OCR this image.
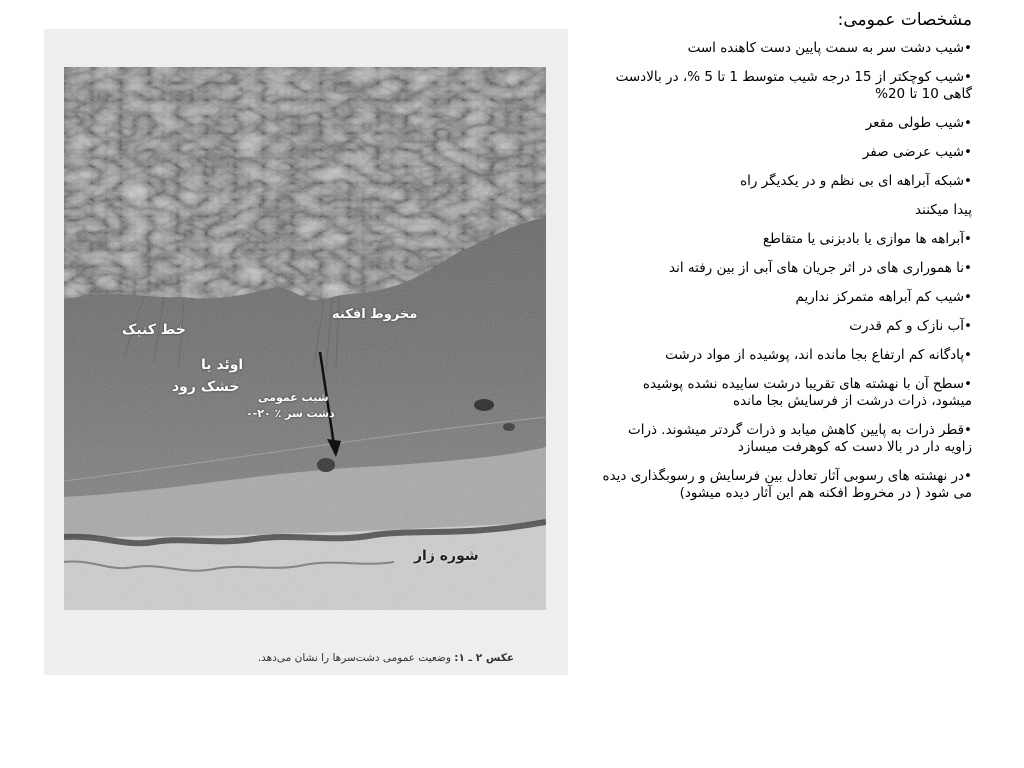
خط کنیک
مخروط افکنه
اوئد یا
خشک رود
شیب عمومی
دشت سر ٪ ۲۰-۰
شوره زار
عکس ۲ ـ ۱: وضعیت عمومی دشت‌سرها را نشان می‌دهد.
مشخصات عمومی:
•شیب دشت سر به سمت پایین دست کاهنده است
•شیب کوچکتر از 15 درجه شیب متوسط 1 تا 5 %، در بالادست گاهی 10 تا 20%
•شیب طولی مقعر
•شیب عرضی صفر
•شبکه آبراهه ای بی نظم و در یکدیگر راه
پیدا میکنند
•آبراهه ها موازی یا بادبزنی یا متقاطع
•نا هموراری های در اثر جریان های آبی از بین رفته اند
•شیب کم آبراهه متمرکز نداریم
•آب نازک و کم قدرت
•پادگانه کم ارتفاع بجا مانده اند، پوشیده از مواد درشت
•سطح آن با نهشته های تقریبا درشت ساییده نشده پوشیده میشود، ذرات درشت از فرسایش بجا مانده
•قطر ذرات به پایین کاهش میابد و ذرات گردتر میشوند. ذرات زاویه دار در بالا دست که کوهرفت میسازد
•در نهشته های رسوبی آثار تعادل بین فرسایش و رسوبگذاری دیده می شود ( در مخروط افکنه هم این آثار دیده میشود)
